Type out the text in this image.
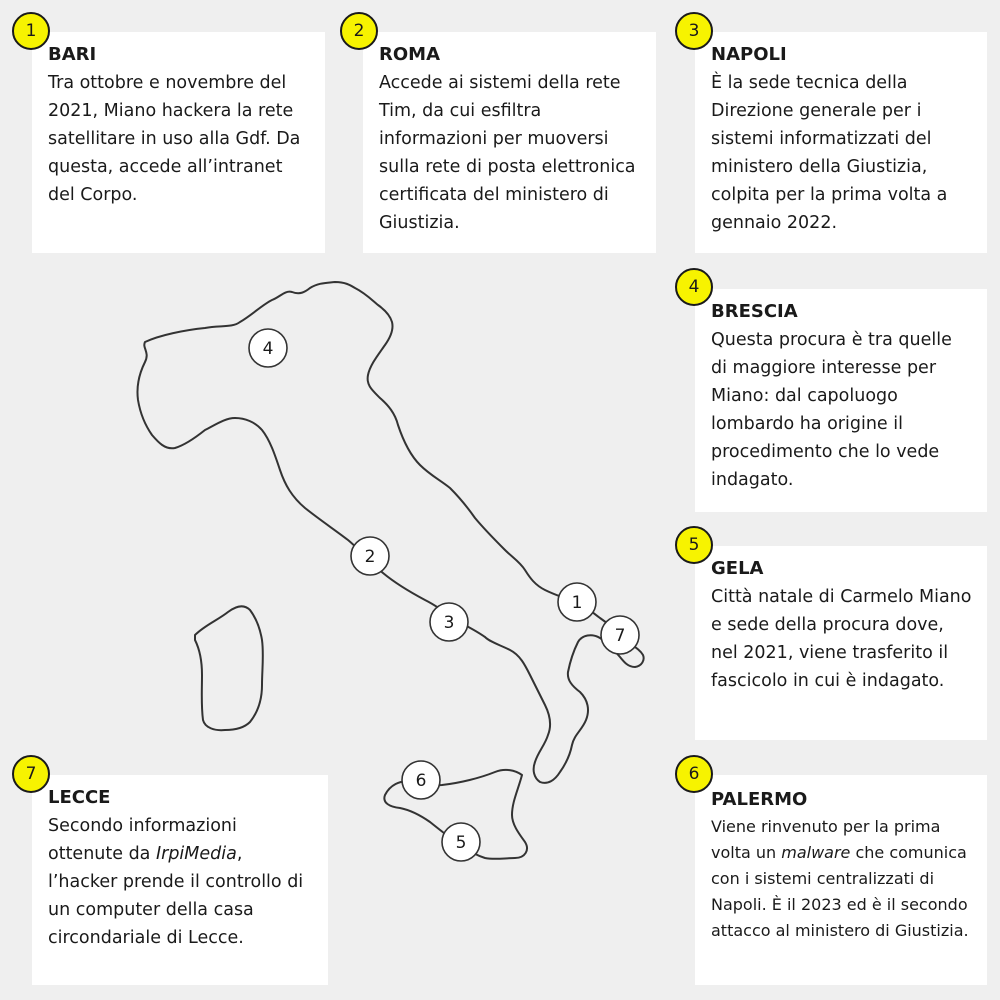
4
2
3
1
7
6
5
BARI
Tra ottobre e novembre del 2021, Miano hackera la rete satellitare in uso alla Gdf. Da questa, accede all’intranet del Corpo.
1
ROMA
Accede ai sistemi della rete Tim, da cui esfiltra informazioni per muoversi sulla rete di posta elettronica certificata del ministero di Giustizia.
2
NAPOLI
È la sede tecnica della Direzione generale per i sistemi informatizzati del ministero della Giustizia, colpita per la prima volta a gennaio 2022.
3
BRESCIA
Questa procura è tra quelle di maggiore interesse per Miano: dal capoluogo lombardo ha origine il procedimento che lo vede indagato.
4
GELA
Città natale di Carmelo Miano e sede della procura dove, nel 2021, viene trasferito il fascicolo in cui è indagato.
5
PALERMO
Viene rinvenuto per la prima volta un malware che comunica con i sistemi centralizzati di Napoli. È il 2023 ed è il secondo attacco al ministero di Giustizia.
6
LECCE
Secondo informazioni ottenute da IrpiMedia, l’hacker prende il controllo di un computer della casa circondariale di Lecce.
7
